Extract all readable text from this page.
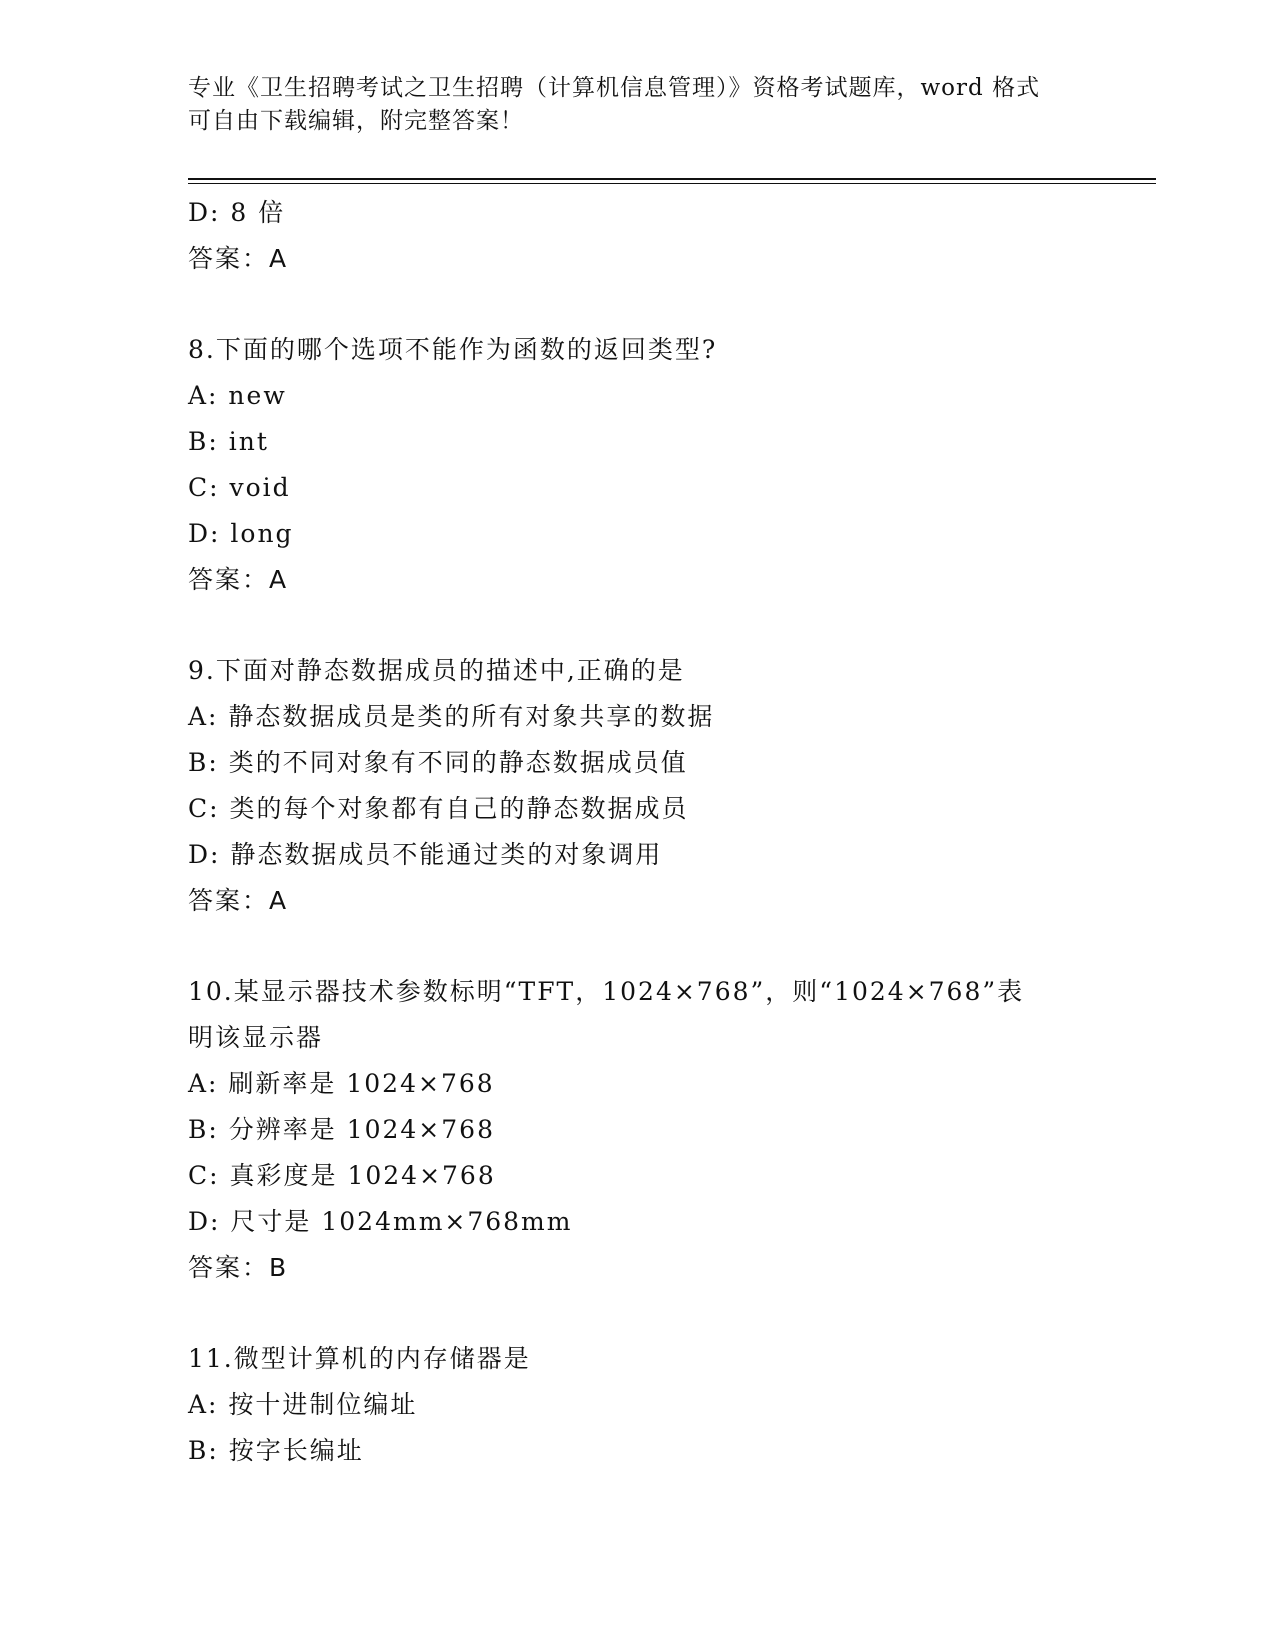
专业《卫生招聘考试之卫生招聘（计算机信息管理）》资格考试题库，word 格式
可自由下载编辑，附完整答案！
D: 8 倍
答案：A
8.下面的哪个选项不能作为函数的返回类型?
A: new
B: int
C: void
D: long
答案：A
9.下面对静态数据成员的描述中,正确的是
A: 静态数据成员是类的所有对象共享的数据
B: 类的不同对象有不同的静态数据成员值
C: 类的每个对象都有自己的静态数据成员
D: 静态数据成员不能通过类的对象调用
答案：A
10.某显示器技术参数标明“TFT，1024×768”，则“1024×768”表
明该显示器
A: 刷新率是 1024×768
B: 分辨率是 1024×768
C: 真彩度是 1024×768
D: 尺寸是 1024mm×768mm
答案：B
11.微型计算机的内存储器是
A: 按十进制位编址
B: 按字长编址
